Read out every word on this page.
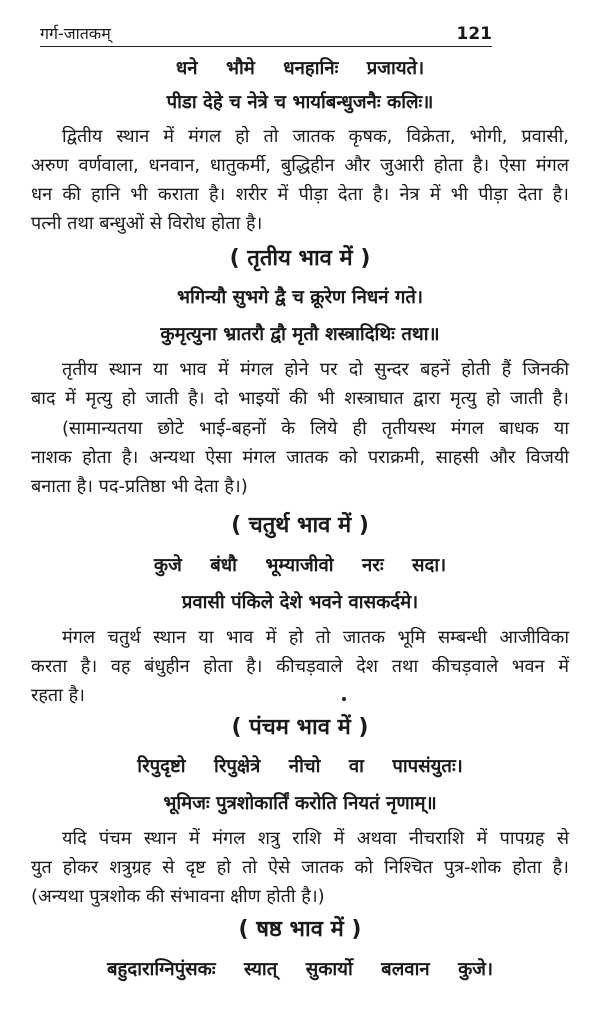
गर्ग-जातकम्	121
धने भौमे धनहानिः प्रजायते।
पीडा देहे च नेत्रे च भार्याबन्धुजनैः कलिः॥
द्वितीय स्थान में मंगल हो तो जातक कृषक, विक्रेता, भोगी, प्रवासी,
अरुण वर्णवाला, धनवान, धातुकर्मी, बुद्धिहीन और जुआरी होता है। ऐसा मंगल
धन की हानि भी कराता है। शरीर में पीड़ा देता है। नेत्र में भी पीड़ा देता है।
पत्नी तथा बन्धुओं से विरोध होता है।
( तृतीय भाव में )
भगिन्यौ सुभगे द्वै च क्रूरेण निधनं गते।
कुमृत्युना भ्रातरौ द्वौ मृतौ शस्त्रादिथिः तथा॥
तृतीय स्थान या भाव में मंगल होने पर दो सुन्दर बहनें होती हैं जिनकी
बाद में मृत्यु हो जाती है। दो भाइयों की भी शस्त्राघात द्वारा मृत्यु हो जाती है।
(सामान्यतया छोटे भाई-बहनों के लिये ही तृतीयस्थ मंगल बाधक या
नाशक होता है। अन्यथा ऐसा मंगल जातक को पराक्रमी, साहसी और विजयी
बनाता है। पद-प्रतिष्ठा भी देता है।)
( चतुर्थ भाव में )
कुजे बंधौ भूम्याजीवो नरः सदा।
प्रवासी पंकिले देशे भवने वासकर्दमे।
मंगल चतुर्थ स्थान या भाव में हो तो जातक भूमि सम्बन्धी आजीविका
करता है। वह बंधुहीन होता है। कीचड़वाले देश तथा कीचड़वाले भवन में
रहता है।
( पंचम भाव में )
रिपुदृष्टो रिपुक्षेत्रे नीचो वा पापसंयुतः।
भूमिजः पुत्रशोकार्तिं करोति नियतं नृणाम्॥
यदि पंचम स्थान में मंगल शत्रु राशि में अथवा नीचराशि में पापग्रह से
युत होकर शत्रुग्रह से दृष्ट हो तो ऐसे जातक को निश्चित पुत्र-शोक होता है।
(अन्यथा पुत्रशोक की संभावना क्षीण होती है।)
( षष्ठ भाव में )
बहुदाराग्निपुंसकः स्यात् सुकार्यो बलवान कुजे।
